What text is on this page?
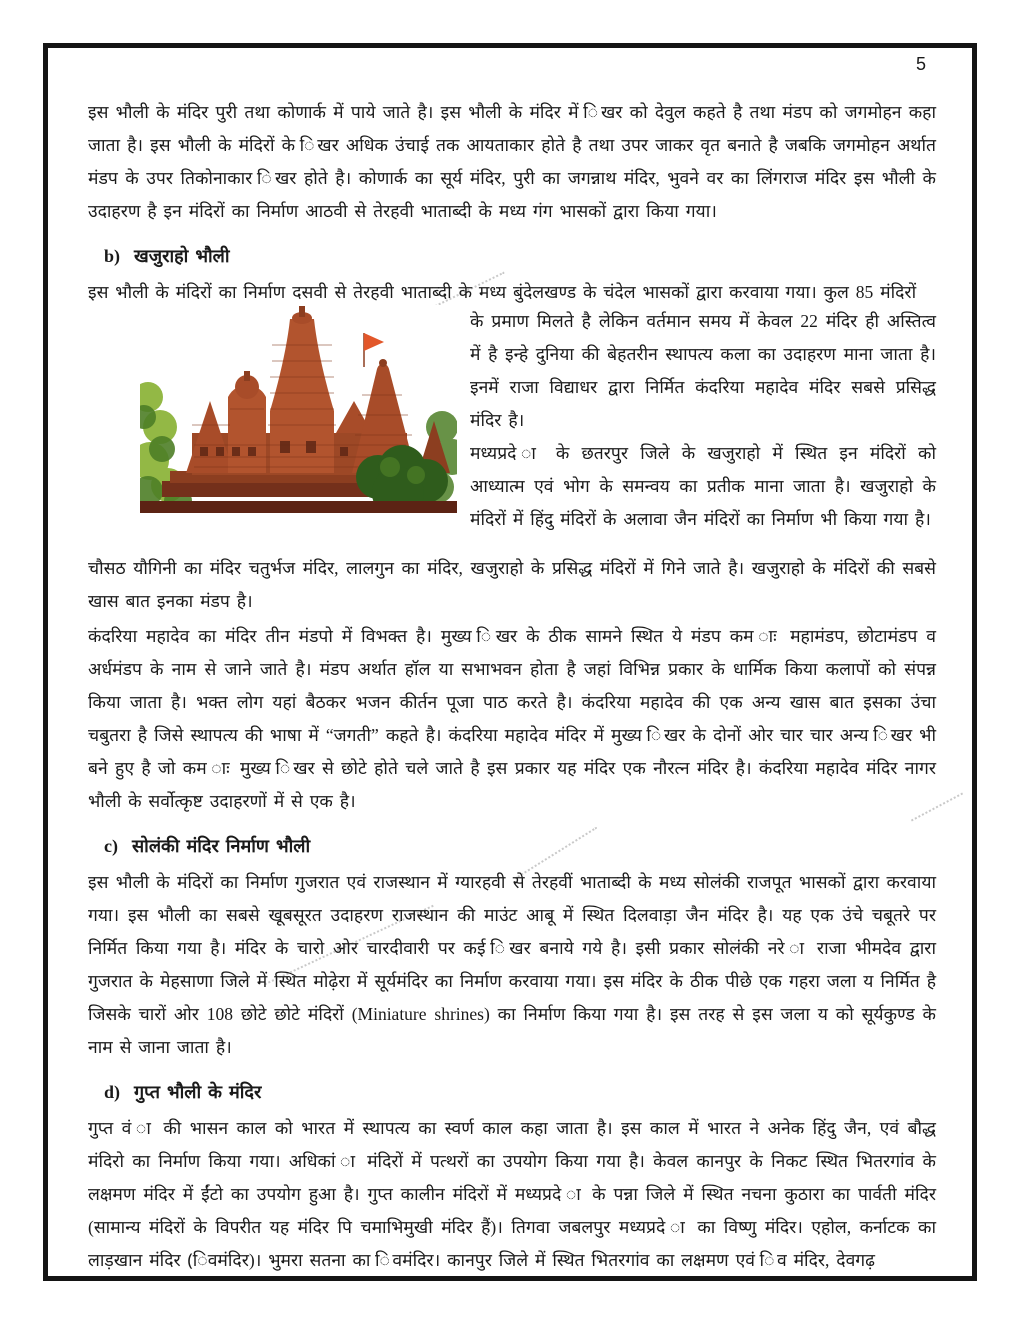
5

इस भौली के मंदिर पुरी तथा कोणार्क में पाये जाते है। इस भौली के मंदिर में िखर को देवुल कहते है तथा मंडप को जगमोहन कहा जाता है। इस भौली के मंदिरों के िखर अधिक उंचाई तक आयताकार होते है तथा उपर जाकर वृत बनाते है जबकि जगमोहन अर्थात मंडप के उपर तिकोनाकार िखर होते है। कोणार्क का सूर्य मंदिर, पुरी का जगन्नाथ मंदिर, भुवने वर का लिंगराज मंदिर इस भौली के उदाहरण है इन मंदिरों का निर्माण आठवी से तेरहवी भाताब्दी के मध्य गंग भासकों द्वारा किया गया।

b) खजुराहो भौली

इस भौली के मंदिरों का निर्माण दसवी से तेरहवी भाताब्दी के मध्य बुंदेलखण्ड के चंदेल भासकों द्वारा करवाया गया। कुल 85 मंदिरों

के प्रमाण मिलते है लेकिन वर्तमान समय में केवल 22 मंदिर ही अस्तित्व में है इन्हे दुनिया की बेहतरीन स्थापत्य कला का उदाहरण माना जाता है। इनमें राजा विद्याधर द्वारा निर्मित कंदरिया महादेव मंदिर सबसे प्रसिद्ध मंदिर है।

मध्यप्रदे ा के छतरपुर जिले के खजुराहो में स्थित इन मंदिरों को आध्यात्म एवं भोग के समन्वय का प्रतीक माना जाता है। खजुराहो के मंदिरों में हिंदु मंदिरों के अलावा जैन मंदिरों का निर्माण भी किया गया है।

चौसठ यौगिनी का मंदिर चतुर्भज मंदिर, लालगुन का मंदिर, खजुराहो के प्रसिद्ध मंदिरों में गिने जाते है। खजुराहो के मंदिरों की सबसे खास बात इनका मंडप है।

कंदरिया महादेव का मंदिर तीन मंडपो में विभक्त है। मुख्य िखर के ठीक सामने स्थित ये मंडप कम ाः महामंडप, छोटामंडप व अर्धमंडप के नाम से जाने जाते है। मंडप अर्थात हॉल या सभाभवन होता है जहां विभिन्न प्रकार के धार्मिक किया कलापों को संपन्न किया जाता है। भक्त लोग यहां बैठकर भजन कीर्तन पूजा पाठ करते है। कंदरिया महादेव की एक अन्य खास बात इसका उंचा चबुतरा है जिसे स्थापत्य की भाषा में “जगती” कहते है। कंदरिया महादेव मंदिर में मुख्य िखर के दोनों ओर चार चार अन्य िखर भी बने हुए है जो कम ाः मुख्य िखर से छोटे होते चले जाते है इस प्रकार यह मंदिर एक नौरत्न मंदिर है। कंदरिया महादेव मंदिर नागर भौली के सर्वोत्कृष्ट उदाहरणों में से एक है।

c) सोलंकी मंदिर निर्माण भौली

इस भौली के मंदिरों का निर्माण गुजरात एवं राजस्थान में ग्यारहवी से तेरहवीं भाताब्दी के मध्य सोलंकी राजपूत भासकों द्वारा करवाया गया। इस भौली का सबसे खूबसूरत उदाहरण राजस्थान की माउंट आबू में स्थित दिलवाड़ा जैन मंदिर है। यह एक उंचे चबूतरे पर निर्मित किया गया है। मंदिर के चारो ओर चारदीवारी पर कई िखर बनाये गये है। इसी प्रकार सोलंकी नरे ा राजा भीमदेव द्वारा गुजरात के मेहसाणा जिले में स्थित मोढ़ेरा में सूर्यमंदिर का निर्माण करवाया गया। इस मंदिर के ठीक पीछे एक गहरा जला य निर्मित है जिसके चारों ओर 108 छोटे छोटे मंदिरों (Miniature shrines) का निर्माण किया गया है। इस तरह से इस जला य को सूर्यकुण्ड के नाम से जाना जाता है।

d) गुप्त भौली के मंदिर

गुप्त वं ा की भासन काल को भारत में स्थापत्य का स्वर्ण काल कहा जाता है। इस काल में भारत ने अनेक हिंदु जैन, एवं बौद्ध मंदिरो का निर्माण किया गया। अधिकां ा मंदिरों में पत्थरों का उपयोग किया गया है। केवल कानपुर के निकट स्थित भितरगांव के लक्षमण मंदिर में ईंटो का उपयोग हुआ है। गुप्त कालीन मंदिरों में मध्यप्रदे ा के पन्ना जिले में स्थित नचना कुठारा का पार्वती मंदिर (सामान्य मंदिरों के विपरीत यह मंदिर पि चमाभिमुखी मंदिर हैं)। तिगवा जबलपुर मध्यप्रदे ा का विष्णु मंदिर। एहोल, कर्नाटक का लाड़खान मंदिर (िवमंदिर)। भुमरा सतना का िवमंदिर। कानपुर जिले में स्थित भितरगांव का लक्षमण एवं िव मंदिर, देवगढ़
